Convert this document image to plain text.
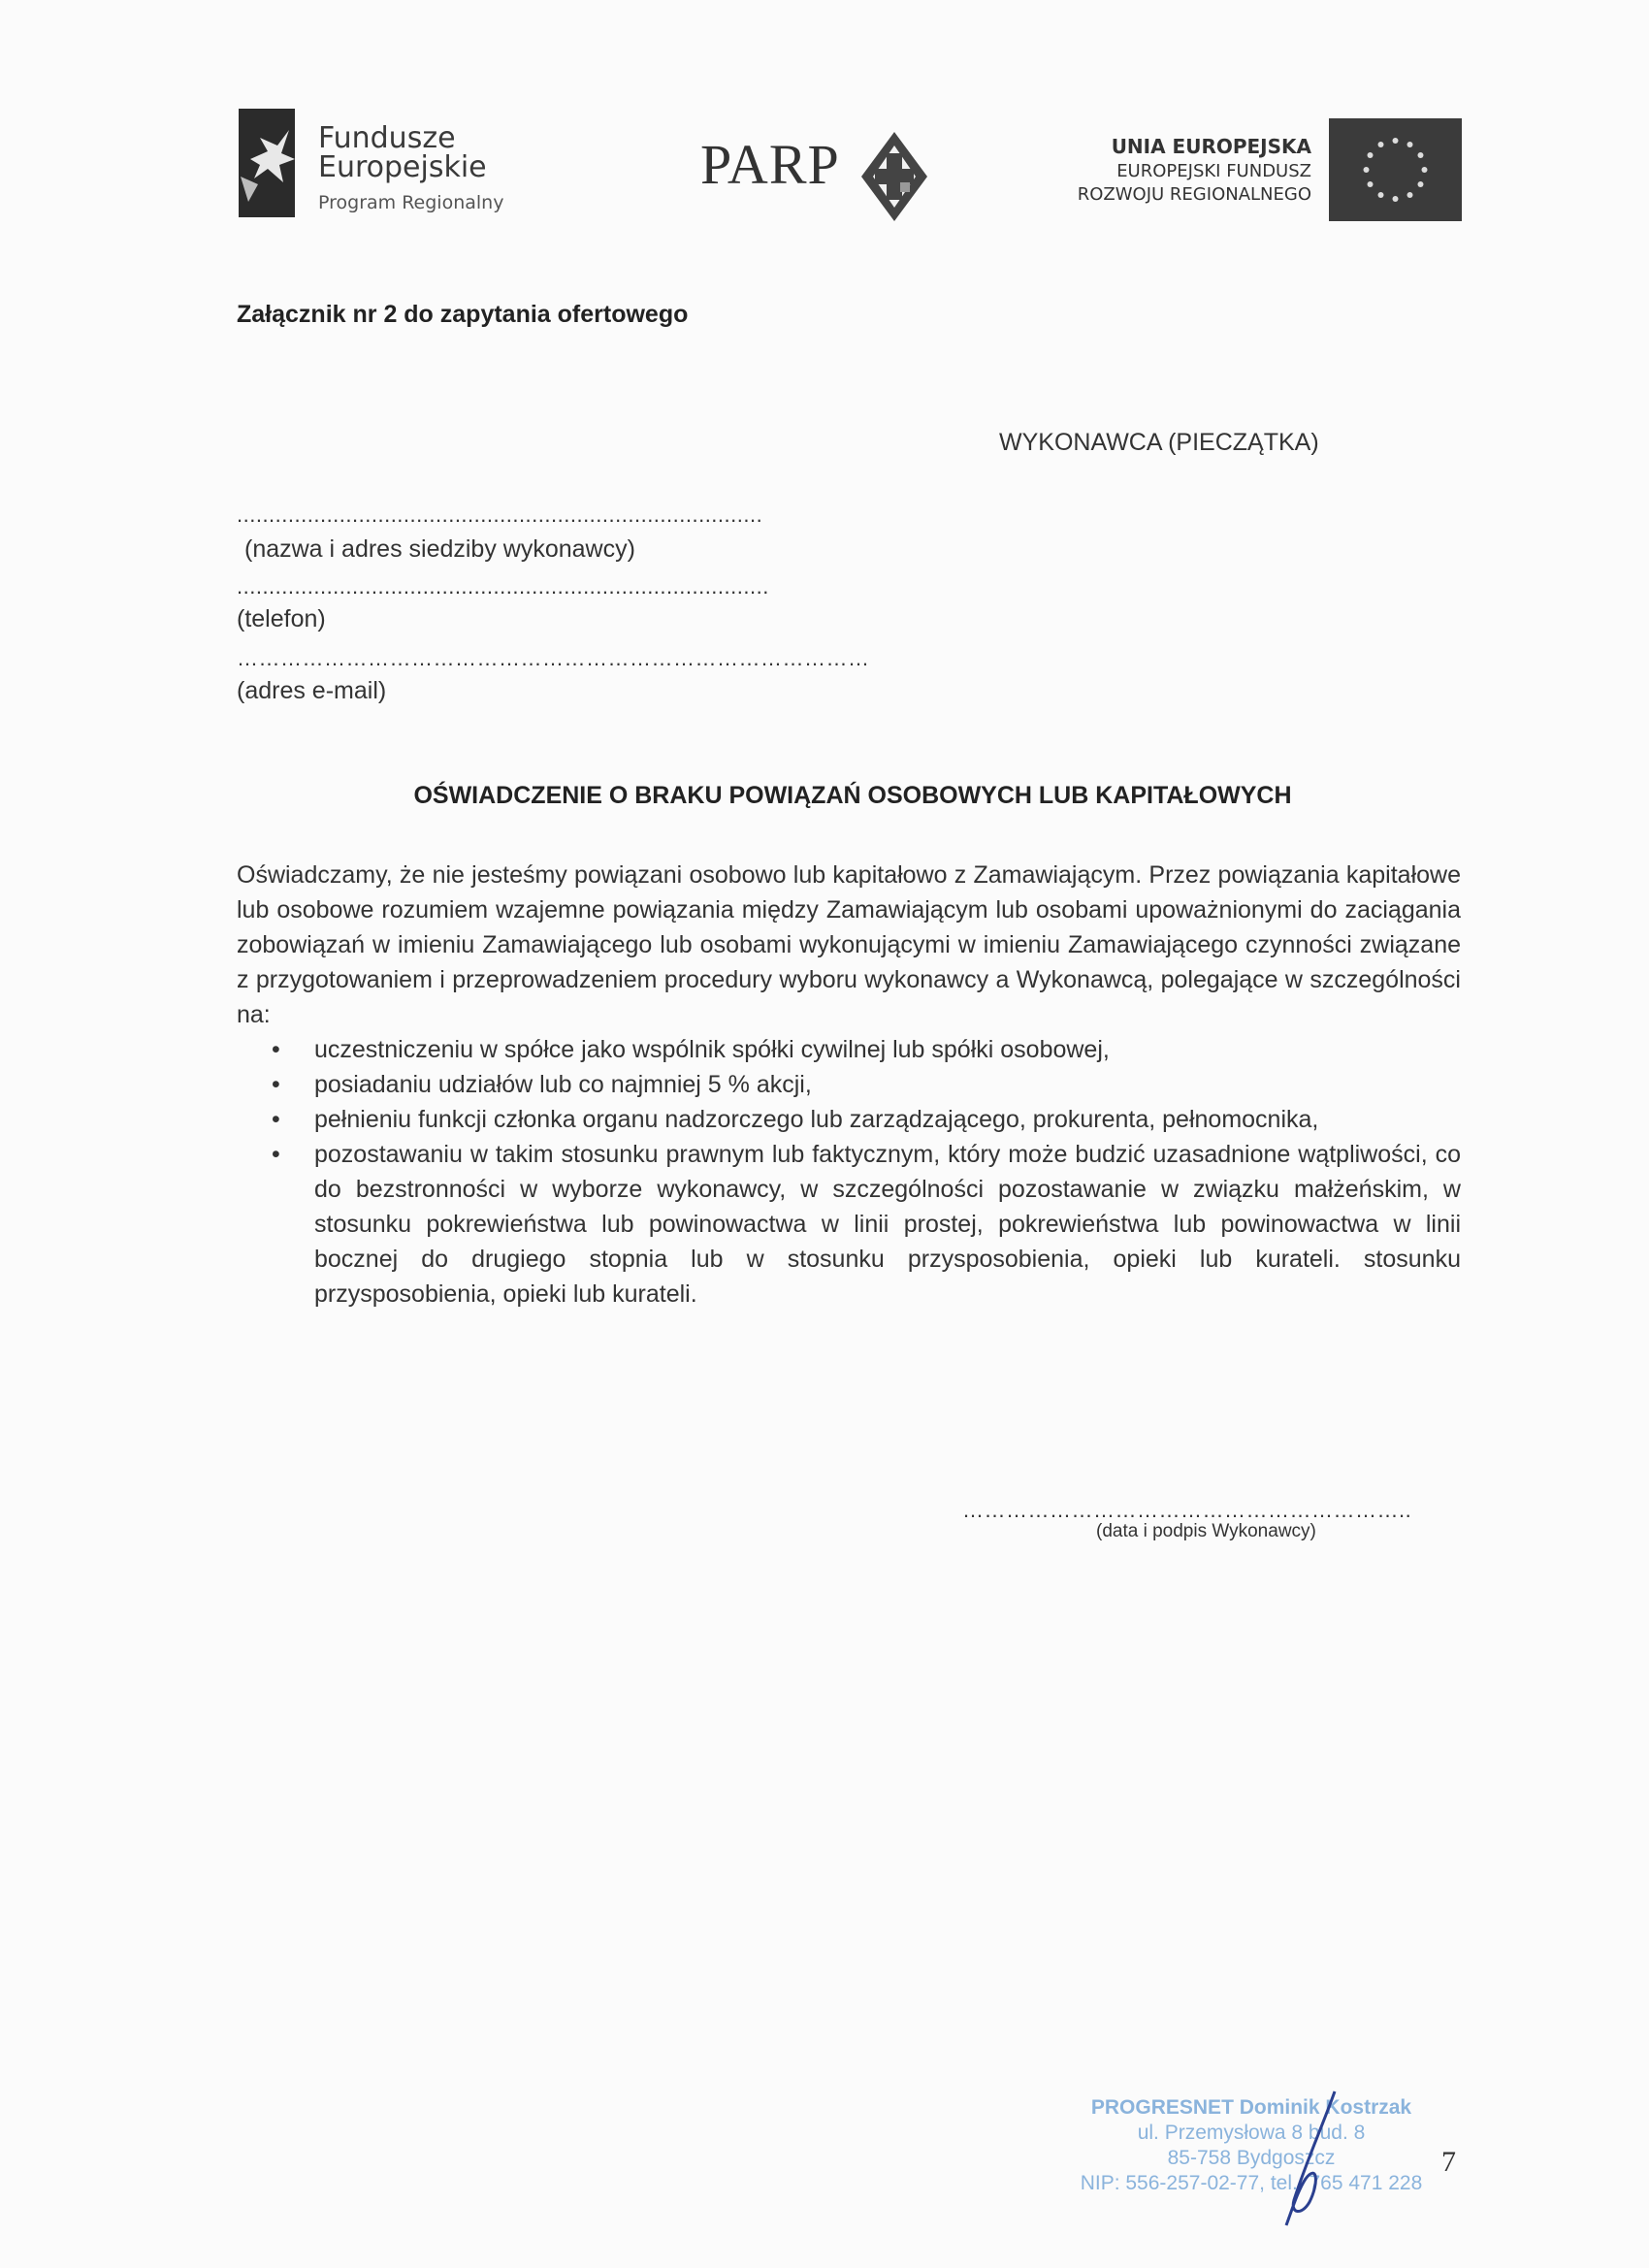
Fundusze
Europejskie
Program Regionalny
PARP	UNIA EUROPEJSKA
EUROPEJSKI FUNDUSZ
ROZWOJU REGIONALNEGO
Załącznik nr 2 do zapytania ofertowego
WYKONAWCA (PIECZĄTKA)
..................................................................................
(nazwa i adres siedziby wykonawcy)
...................................................................................
(telefon)
……………………………………………………………………………
(adres e-mail)
OŚWIADCZENIE O BRAKU POWIĄZAŃ OSOBOWYCH LUB KAPITAŁOWYCH
Oświadczamy, że nie jesteśmy powiązani osobowo lub kapitałowo z Zamawiającym. Przez powiązania kapitałowe lub osobowe rozumiem wzajemne powiązania między Zamawiającym lub osobami upoważnionymi do zaciągania zobowiązań w imieniu Zamawiającego lub osobami wykonującymi w imieniu Zamawiającego czynności związane z przygotowaniem i przeprowadzeniem procedury wyboru wykonawcy a Wykonawcą, polegające w szczególności na:
• uczestniczeniu w spółce jako wspólnik spółki cywilnej lub spółki osobowej,
• posiadaniu udziałów lub co najmniej 5 % akcji,
• pełnieniu funkcji członka organu nadzorczego lub zarządzającego, prokurenta, pełnomocnika,
• pozostawaniu w takim stosunku prawnym lub faktycznym, który może budzić uzasadnione wątpliwości, co do bezstronności w wyborze wykonawcy, w szczególności pozostawanie w związku małżeńskim, w stosunku pokrewieństwa lub powinowactwa w linii prostej, pokrewieństwa lub powinowactwa w linii bocznej do drugiego stopnia lub w stosunku przysposobienia, opieki lub kurateli. stosunku przysposobienia, opieki lub kurateli.
……………………………………………………..
(data i podpis Wykonawcy)
PROGRESNET Dominik Kostrzak
ul. Przemysłowa 8 bud. 8
85-758 Bydgoszcz
NIP: 556-257-02-77, tel.: 765 471 228
7
